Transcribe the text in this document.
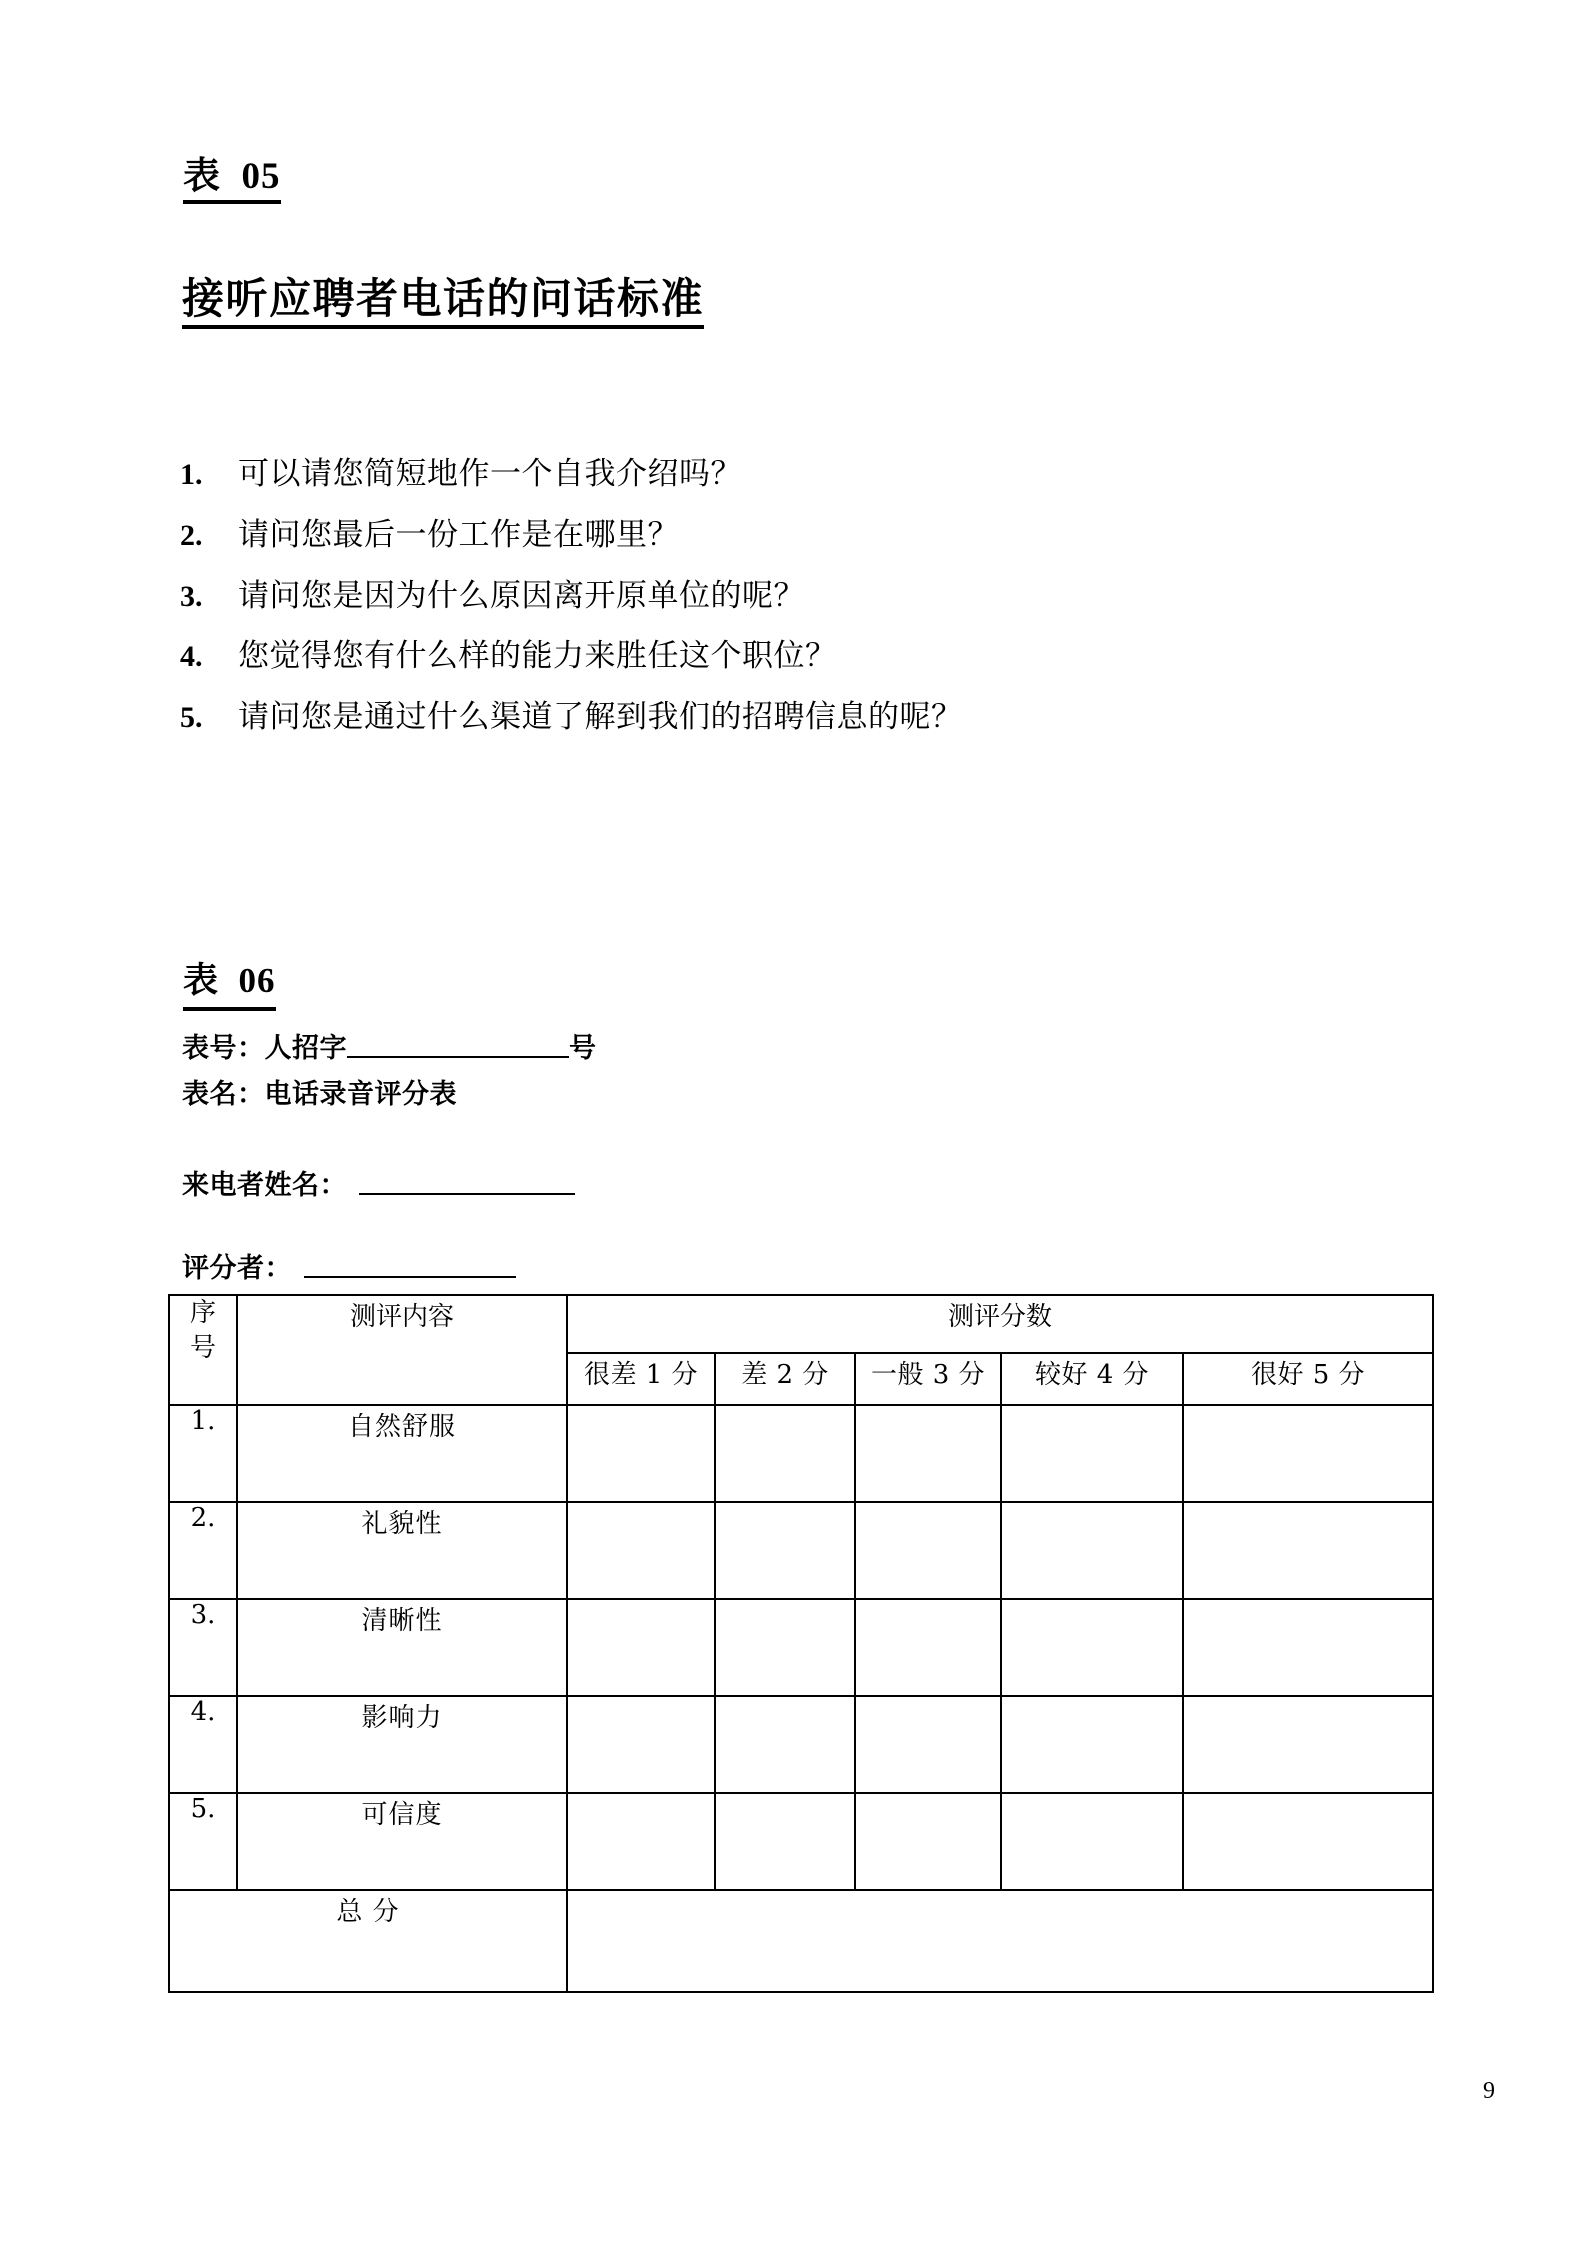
表  05
接听应聘者电话的问话标准
1.	可以请您简短地作一个自我介绍吗？
2.	请问您最后一份工作是在哪里？
3.	请问您是因为什么原因离开原单位的呢？
4.	您觉得您有什么样的能力来胜任这个职位？
5.	请问您是通过什么渠道了解到我们的招聘信息的呢？
表  06
表号：人招字	号
表名：电话录音评分表
来电者姓名：
评分者：
序
号	测评内容	测评分数				
		很差 1 分	差 2 分	一般 3 分	较好 4 分	很好 5 分
1.	自然舒服					
2.	礼貌性					
3.	清晰性					
4.	影响力					
5.	可信度					
总 分						
9
